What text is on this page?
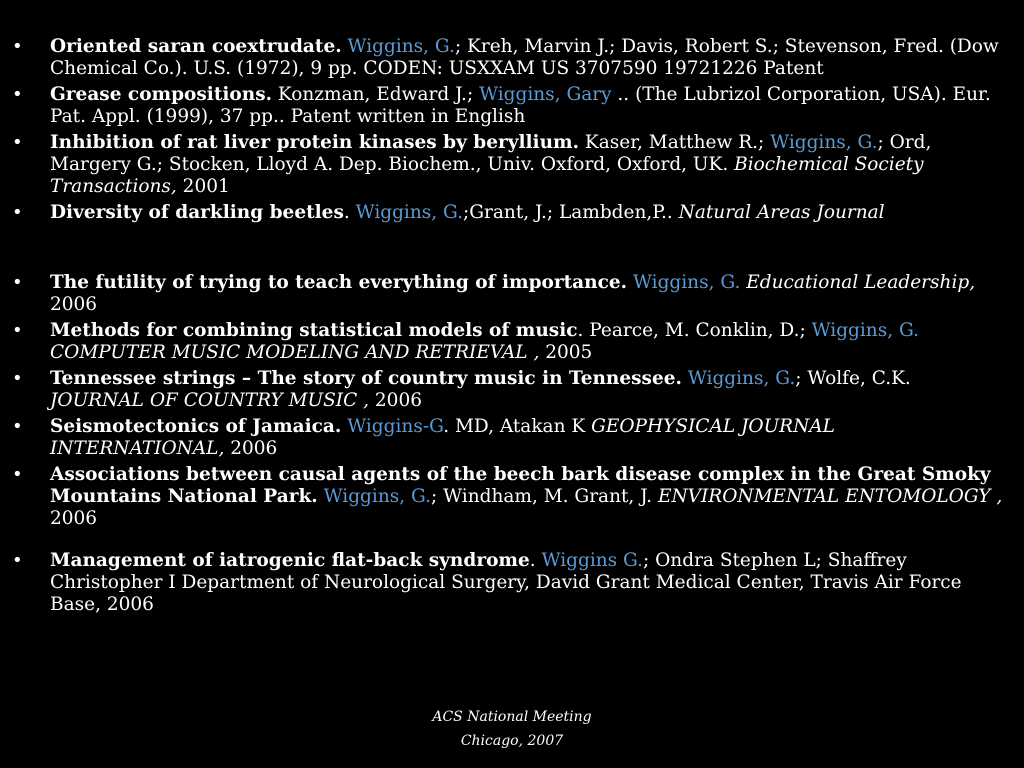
• Oriented saran coextrudate. Wiggins, G.; Kreh, Marvin J.; Davis, Robert S.; Stevenson, Fred. (Dow Chemical Co.). U.S. (1972), 9 pp. CODEN: USXXAM US 3707590 19721226 Patent
• Grease compositions. Konzman, Edward J.; Wiggins, Gary .. (The Lubrizol Corporation, USA). Eur. Pat. Appl. (1999), 37 pp.. Patent written in English
• Inhibition of rat liver protein kinases by beryllium. Kaser, Matthew R.; Wiggins, G.; Ord, Margery G.; Stocken, Lloyd A. Dep. Biochem., Univ. Oxford, Oxford, UK. Biochemical Society Transactions, 2001
• Diversity of darkling beetles. Wiggins, G.;Grant, J.; Lambden,P.. Natural Areas Journal
• The futility of trying to teach everything of importance. Wiggins, G. Educational Leadership, 2006
• Methods for combining statistical models of music. Pearce, M. Conklin, D.; Wiggins, G. COMPUTER MUSIC MODELING AND RETRIEVAL , 2005
• Tennessee strings – The story of country music in Tennessee. Wiggins, G.; Wolfe, C.K. JOURNAL OF COUNTRY MUSIC , 2006
• Seismotectonics of Jamaica. Wiggins-G. MD, Atakan K GEOPHYSICAL JOURNAL INTERNATIONAL, 2006
• Associations between causal agents of the beech bark disease complex in the Great Smoky Mountains National Park. Wiggins, G.; Windham, M. Grant, J. ENVIRONMENTAL ENTOMOLOGY , 2006
• Management of iatrogenic flat-back syndrome. Wiggins G.; Ondra Stephen L; Shaffrey Christopher I Department of Neurological Surgery, David Grant Medical Center, Travis Air Force Base, 2006
ACS National Meeting
Chicago, 2007
